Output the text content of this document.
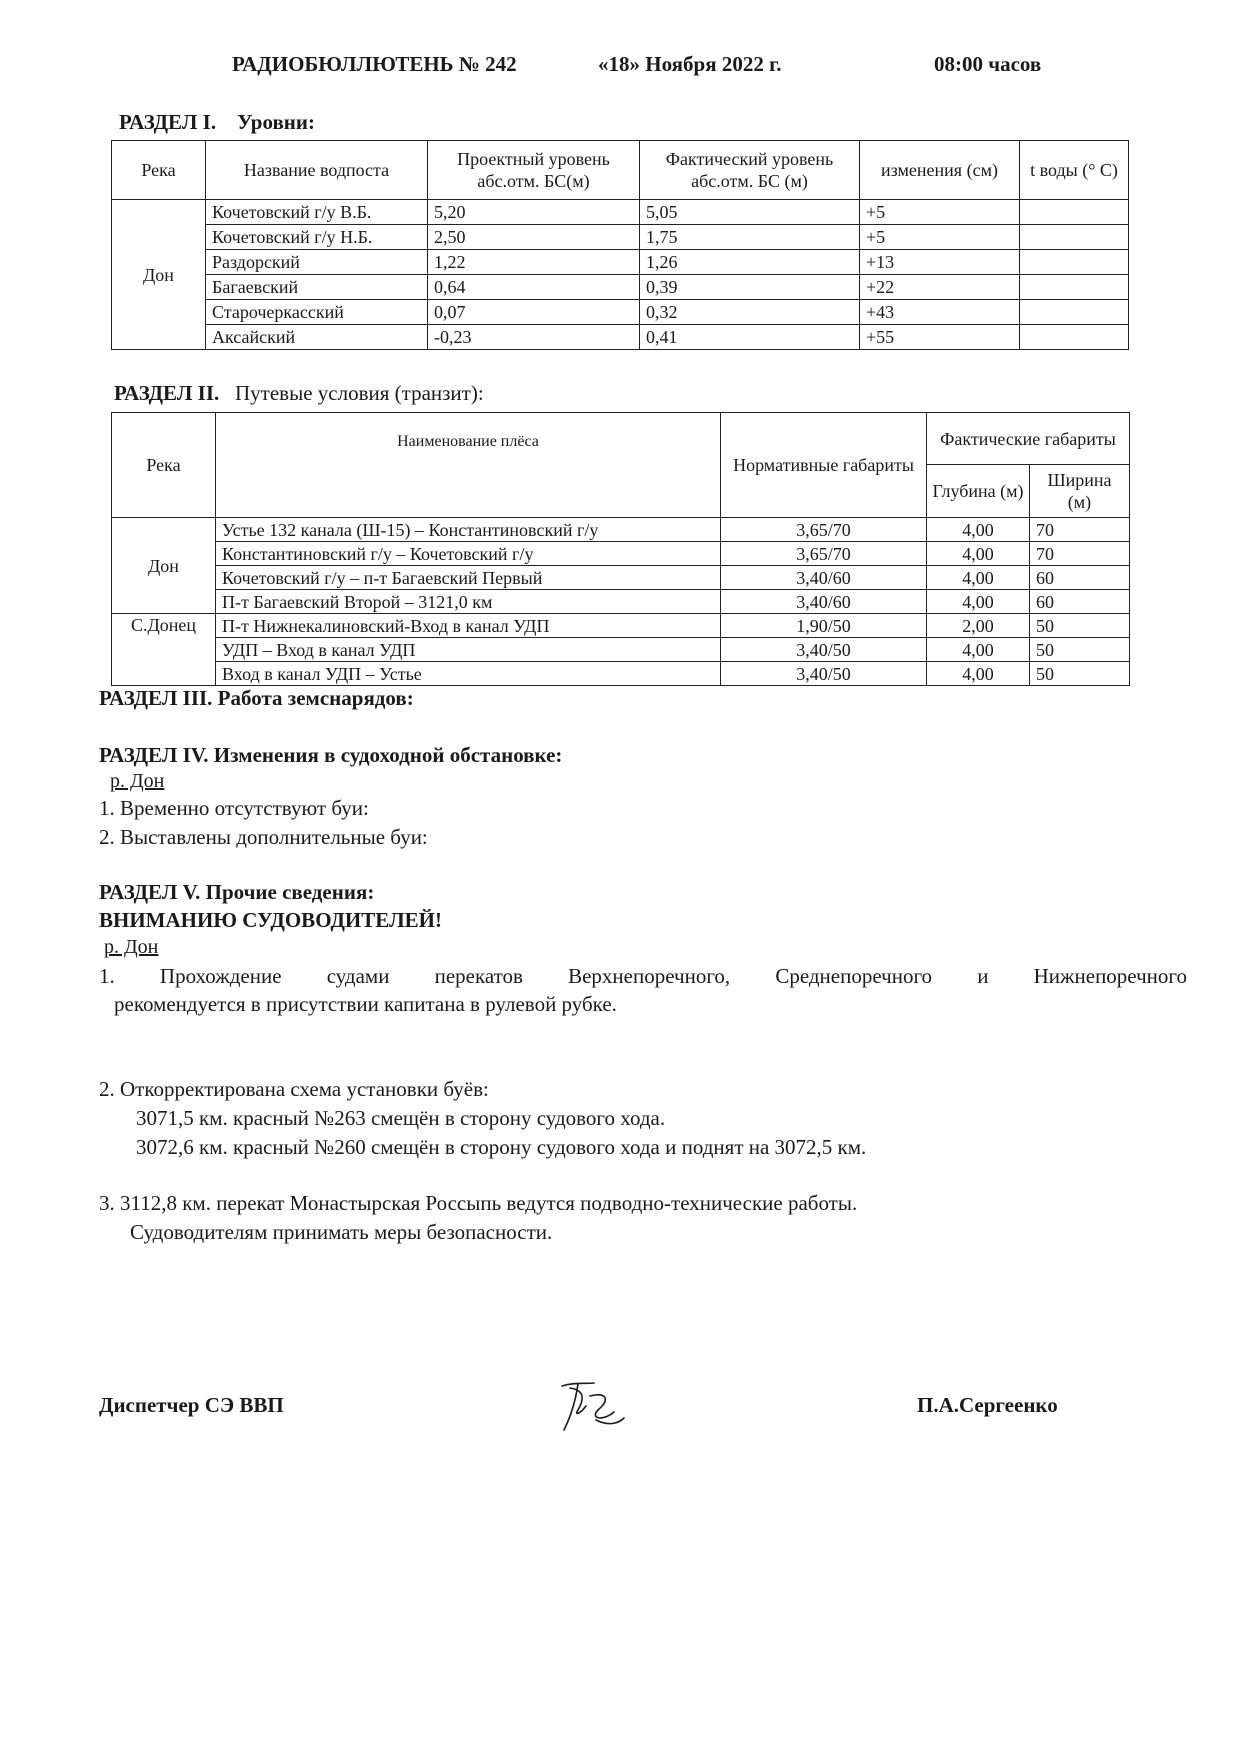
РАДИОБЮЛЛЮТЕНЬ № 242	«18» Ноября 2022 г.	08:00 часов
РАЗДЕЛ I. Уровни:
Река	Название водпоста	Проектный уровень абс.отм. БС(м)	Фактический уровень абс.отм. БС (м)	изменения (см)	t воды (° С)
Дон	Кочетовский г/у В.Б.	5,20	5,05	+5	
	Кочетовский г/у Н.Б.	2,50	1,75	+5	
	Раздорский	1,22	1,26	+13	
	Багаевский	0,64	0,39	+22	
	Старочеркасский	0,07	0,32	+43	
	Аксайский	-0,23	0,41	+55	
РАЗДЕЛ II. Путевые условия (транзит):
Река	Наименование плёса	Нормативные габариты	Фактические габариты	
			Глубина (м)	Ширина (м)
Дон	Устье 132 канала (Ш-15) – Константиновский г/у	3,65/70	4,00	70
	Константиновский г/у – Кочетовский г/у	3,65/70	4,00	70
	Кочетовский г/у – п-т Багаевский Первый	3,40/60	4,00	60
	П-т Багаевский Второй – 3121,0 км	3,40/60	4,00	60
С.Донец	П-т Нижнекалиновский-Вход в канал УДП	1,90/50	2,00	50
	УДП – Вход в канал УДП	3,40/50	4,00	50
	Вход в канал УДП – Устье	3,40/50	4,00	50
РАЗДЕЛ III. Работа земснарядов:
РАЗДЕЛ IV. Изменения в судоходной обстановке:
р. Дон
1. Временно отсутствуют буи:
2. Выставлены дополнительные буи:
РАЗДЕЛ V. Прочие сведения:
ВНИМАНИЮ СУДОВОДИТЕЛЕЙ!
р. Дон
1. Прохождение судами перекатов Верхнепоречного, Среднепоречного и Нижнепоречного
рекомендуется в присутствии капитана в рулевой рубке.
2. Откорректирована схема установки буёв:
3071,5 км. красный №263 смещён в сторону судового хода.
3072,6 км. красный №260 смещён в сторону судового хода и поднят на 3072,5 км.
3. 3112,8 км. перекат Монастырская Россыпь ведутся подводно-технические работы.
Судоводителям принимать меры безопасности.
Диспетчер СЭ ВВП	П.А.Сергеенко
